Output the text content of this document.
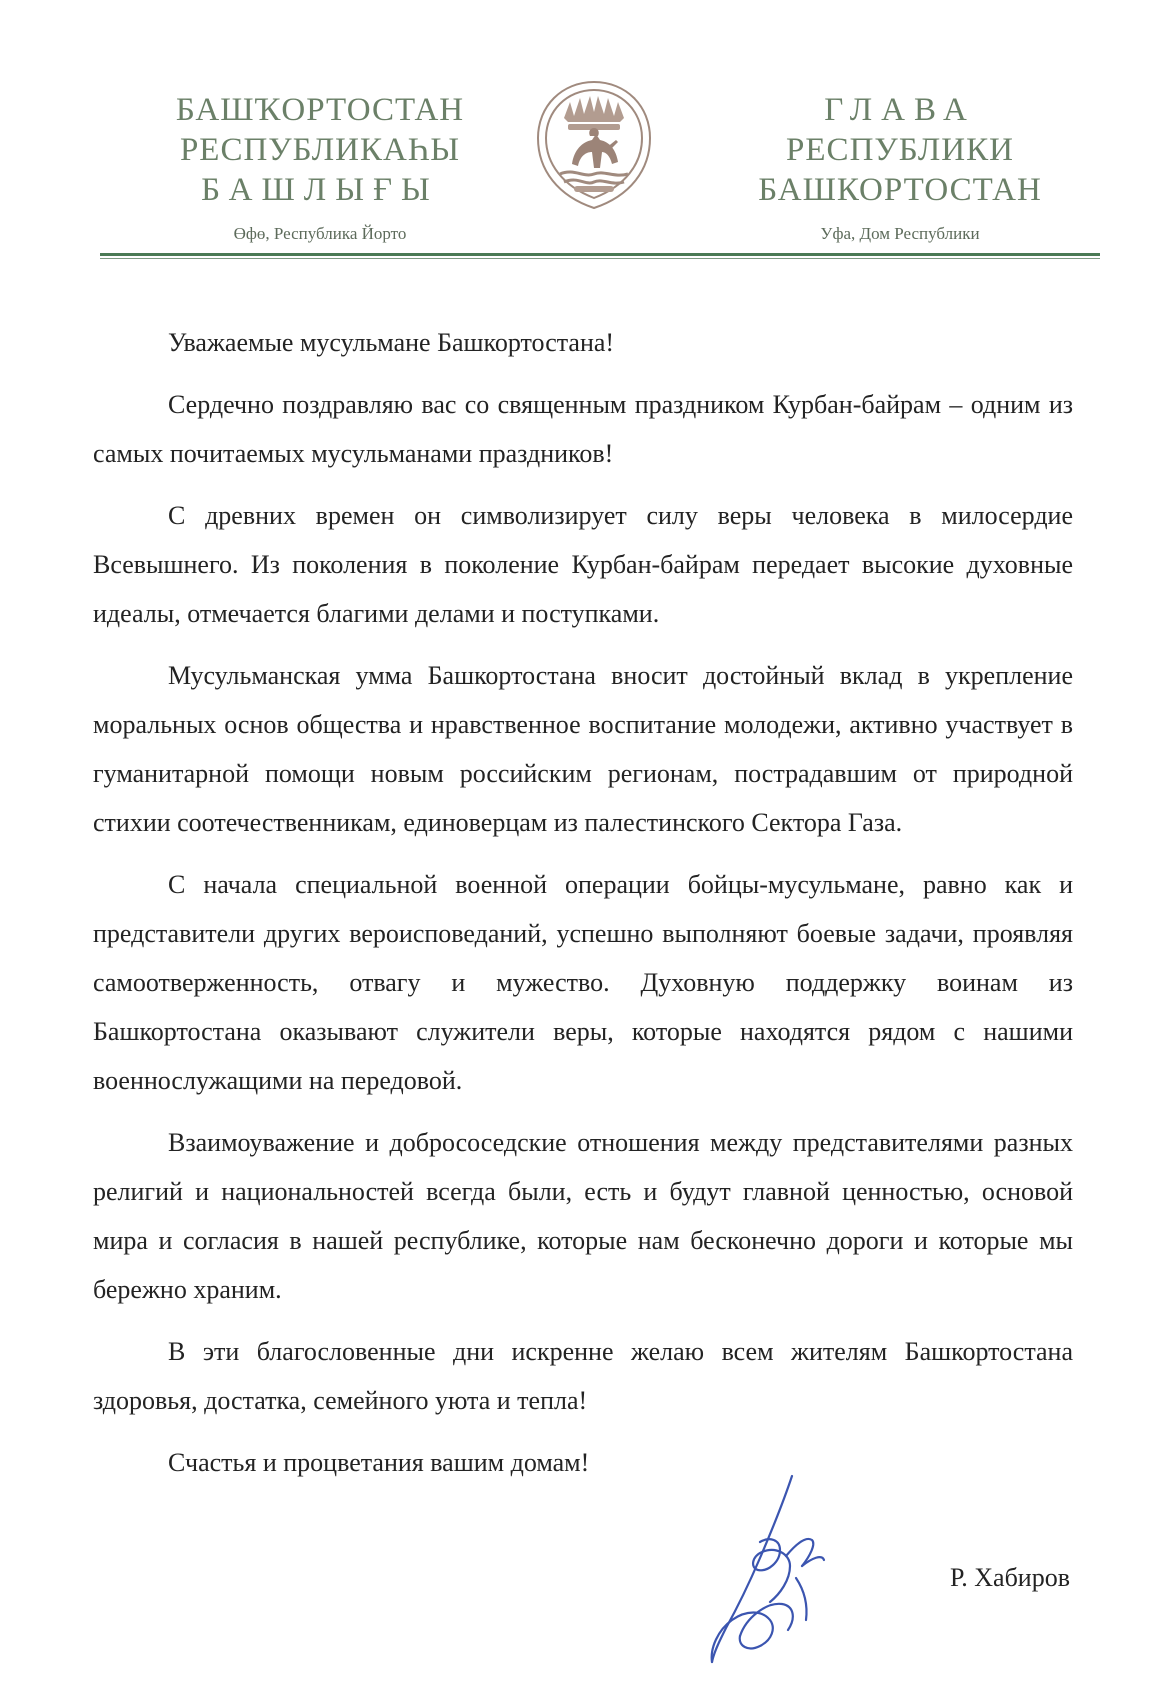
БАШҠОРТОСТАН
РЕСПУБЛИКАҺЫ
БАШЛЫҒЫ
Өфө, Республика Йорто
ГЛАВА
РЕСПУБЛИКИ
БАШКОРТОСТАН
Уфа, Дом Республики

Уважаемые мусульмане Башкортостана!

Сердечно поздравляю вас со священным праздником Курбан-байрам – одним из самых почитаемых мусульманами праздников!

С древних времен он символизирует силу веры человека в милосердие Всевышнего. Из поколения в поколение Курбан-байрам передает высокие духовные идеалы, отмечается благими делами и поступками.

Мусульманская умма Башкортостана вносит достойный вклад в укрепление моральных основ общества и нравственное воспитание молодежи, активно участвует в гуманитарной помощи новым российским регионам, пострадавшим от природной стихии соотечественникам, единоверцам из палестинского Сектора Газа.

С начала специальной военной операции бойцы-мусульмане, равно как и представители других вероисповеданий, успешно выполняют боевые задачи, проявляя самоотверженность, отвагу и мужество. Духовную поддержку воинам из Башкортостана оказывают служители веры, которые находятся рядом с нашими военнослужащими на передовой.

Взаимоуважение и добрососедские отношения между представителями разных религий и национальностей всегда были, есть и будут главной ценностью, основой мира и согласия в нашей республике, которые нам бесконечно дороги и которые мы бережно храним.

В эти благословенные дни искренне желаю всем жителям Башкортостана здоровья, достатка, семейного уюта и тепла!

Счастья и процветания вашим домам!

Р. Хабиров
